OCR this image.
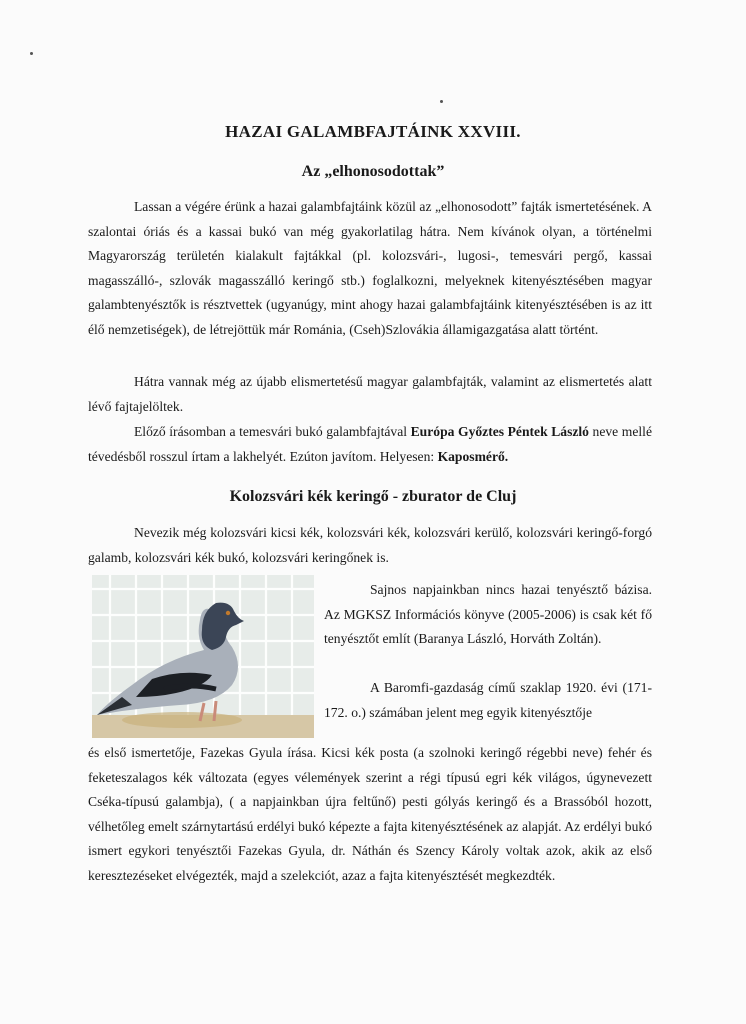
HAZAI GALAMBFAJTÁINK XXVIII.
Az „elhonosodottak”

Lassan a végére érünk a hazai galambfajtáink közül az „elhonosodott” fajták ismertetésének. A szalontai óriás és a kassai bukó van még gyakorlatilag hátra. Nem kívánok olyan, a történelmi Magyarország területén kialakult fajtákkal (pl. kolozsvári-, lugosi-, temesvári pergő, kassai magasszálló-, szlovák magasszálló keringő stb.) foglalkozni, melyeknek kitenyésztésében magyar galambtenyésztők is résztvettek (ugyanúgy, mint ahogy hazai galambfajtáink kitenyésztésében is az itt élő nemzetiségek), de létrejöttük már Románia, (Cseh)Szlovákia államigazgatása alatt történt.

Hátra vannak még az újabb elismertetésű magyar galambfajták, valamint az elismertetés alatt lévő fajtajelöltek.

Előző írásomban a temesvári bukó galambfajtával Európa Győztes Péntek László neve mellé tévedésből rosszul írtam a lakhelyét. Ezúton javítom. Helyesen: Kaposmérő.

Kolozsvári kék keringő - zburator de Cluj

Nevezik még kolozsvári kicsi kék, kolozsvári kék, kolozsvári kerülő, kolozsvári keringő-forgó galamb, kolozsvári kék bukó, kolozsvári keringőnek is.

Sajnos napjainkban nincs hazai tenyésztő bázisa. Az MGKSZ Információs könyve (2005-2006) is csak két fő tenyésztőt említ (Baranya László, Horváth Zoltán).

A Baromfi-gazdaság című szaklap 1920. évi (171-172. o.) számában jelent meg egyik kitenyésztője

és első ismertetője, Fazekas Gyula írása. Kicsi kék posta (a szolnoki keringő régebbi neve) fehér és feketeszalagos kék változata (egyes vélemények szerint a régi típusú egri kék világos, úgynevezett Cséka-típusú galambja), ( a napjainkban újra feltűnő) pesti gólyás keringő és a Brassóból hozott, vélhetőleg emelt szárnytartású erdélyi bukó képezte a fajta kitenyésztésének az alapját. Az erdélyi bukó ismert egykori tenyésztői Fazekas Gyula, dr. Náthán és Szency Károly voltak azok, akik az első keresztezéseket elvégezték, majd a szelekciót, azaz a fajta kitenyésztését megkezdték.
